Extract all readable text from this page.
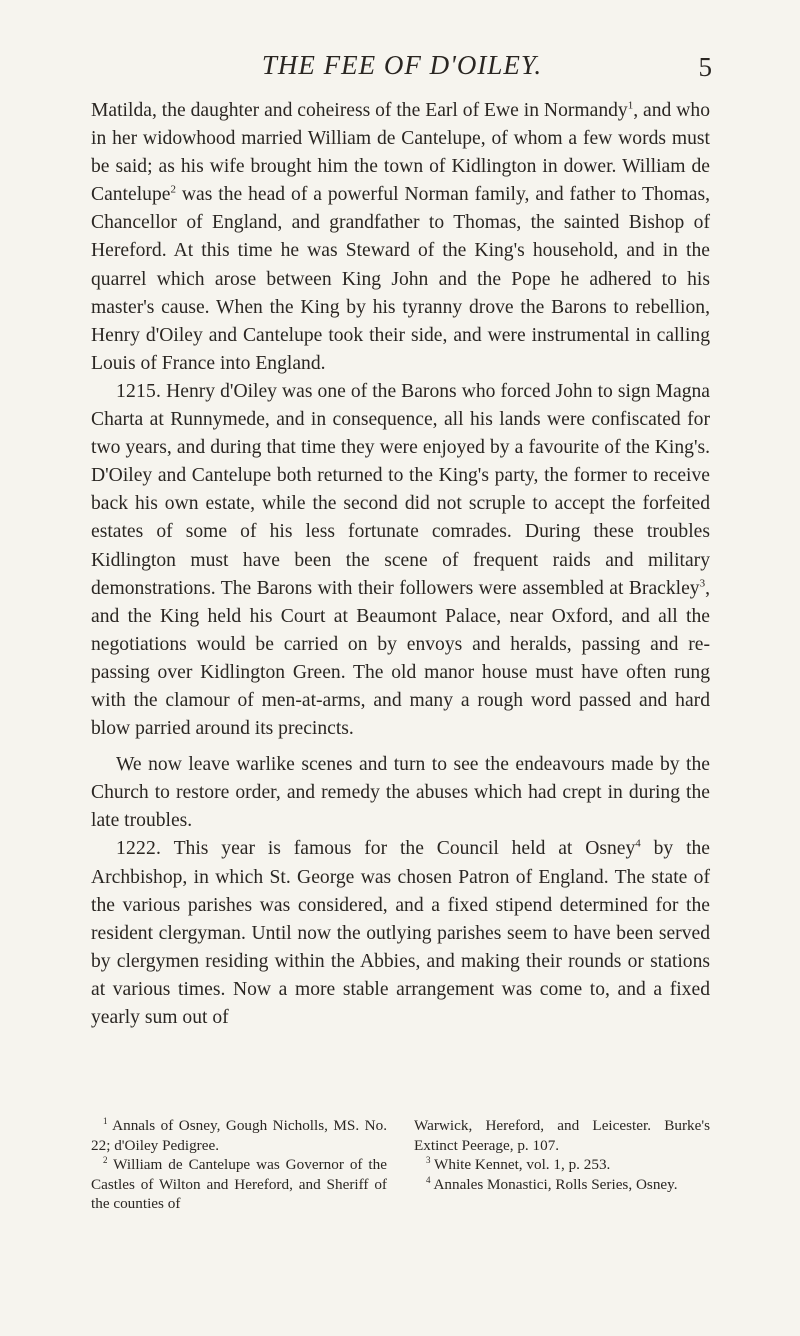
THE FEE OF D'OILEY.	5

Matilda, the daughter and coheiress of the Earl of Ewe in Normandy$^1$, and who in her widowhood married William de Cantelupe, of whom a few words must be said; as his wife brought him the town of Kidlington in dower. William de Cantelupe$^2$ was the head of a powerful Norman family, and father to Thomas, Chancellor of England, and grandfather to Thomas, the sainted Bishop of Hereford. At this time he was Steward of the King's household, and in the quarrel which arose between King John and the Pope he adhered to his master's cause. When the King by his tyranny drove the Barons to rebellion, Henry d'Oiley and Cantelupe took their side, and were instrumental in calling Louis of France into England.

1215. Henry d'Oiley was one of the Barons who forced John to sign Magna Charta at Runnymede, and in consequence, all his lands were confiscated for two years, and during that time they were enjoyed by a favourite of the King's. D'Oiley and Cantelupe both returned to the King's party, the former to receive back his own estate, while the second did not scruple to accept the forfeited estates of some of his less fortunate comrades. During these troubles Kidlington must have been the scene of frequent raids and military demonstrations. The Barons with their followers were assembled at Brackley$^3$, and the King held his Court at Beaumont Palace, near Oxford, and all the negotiations would be carried on by envoys and heralds, passing and re-passing over Kidlington Green. The old manor house must have often rung with the clamour of men-at-arms, and many a rough word passed and hard blow parried around its precincts.

We now leave warlike scenes and turn to see the endeavours made by the Church to restore order, and remedy the abuses which had crept in during the late troubles.

1222. This year is famous for the Council held at Osney$^4$ by the Archbishop, in which St. George was chosen Patron of England. The state of the various parishes was considered, and a fixed stipend determined for the resident clergyman. Until now the outlying parishes seem to have been served by clergymen residing within the Abbies, and making their rounds or stations at various times. Now a more stable arrangement was come to, and a fixed yearly sum out of

$^1$ Annals of Osney, Gough Nicholls, MS. No. 22; d'Oiley Pedigree.

$^2$ William de Cantelupe was Governor of the Castles of Wilton and Hereford, and Sheriff of the counties of

Warwick, Hereford, and Leicester. Burke's Extinct Peerage, p. 107.

$^3$ White Kennet, vol. 1, p. 253.

$^4$ Annales Monastici, Rolls Series, Osney.
